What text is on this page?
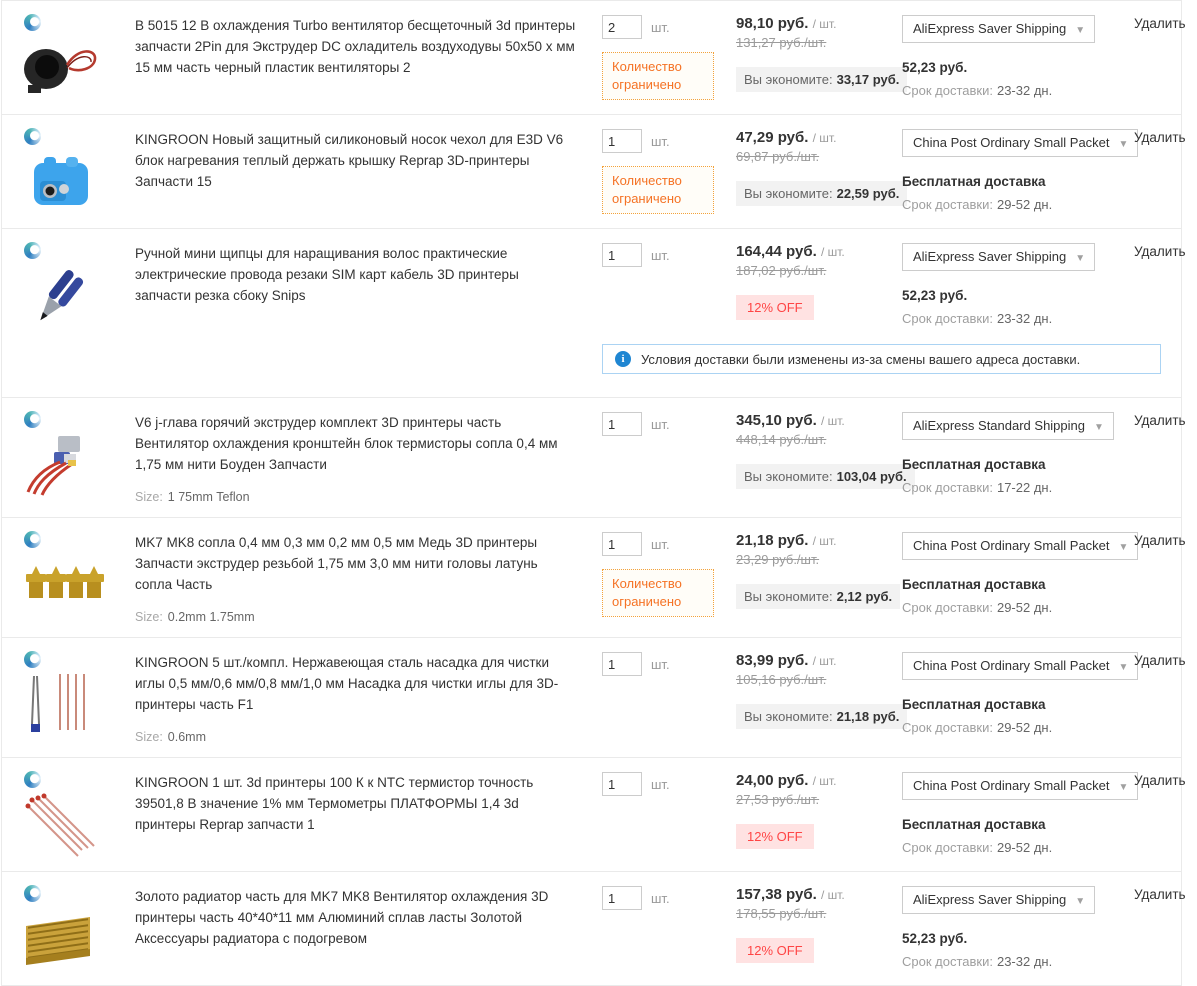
В 5015 12 В охлаждения Turbo вентилятор бесщеточный 3d принтеры запчасти 2Pin для Экструдер DC охладитель воздуходувы 50x50 x мм 15 мм часть черный пластик вентиляторы 2
2шт.
Количество ограничено
98,10 руб. / шт.
131,27 руб./шт.
Вы экономите: 33,17 руб.
AliExpress Saver Shipping ▼
52,23 руб.
Срок доставки: 23-32 дн.
Удалить
KINGROON Новый защитный силиконовый носок чехол для E3D V6 блок нагревания теплый держать крышку Reprap 3D-принтеры Запчасти 15
1шт.
Количество ограничено
47,29 руб. / шт.
69,87 руб./шт.
Вы экономите: 22,59 руб.
China Post Ordinary Small Packet ▼
Бесплатная доставка
Срок доставки: 29-52 дн.
Удалить
Ручной мини щипцы для наращивания волос практические электрические провода резаки SIM карт кабель 3D принтеры запчасти резка сбоку Snips
1шт.	164,44 руб. / шт.
187,02 руб./шт.
12% OFF
AliExpress Saver Shipping ▼
52,23 руб.
Срок доставки: 23-32 дн.
Удалить
i	Условия доставки были изменены из-за смены вашего адреса доставки.
V6 j-глава горячий экструдер комплект 3D принтеры часть Вентилятор охлаждения кронштейн блок термисторы сопла 0,4 мм 1,75 мм нити Боуден Запчасти
Size: 1 75mm Teflon
1шт.	345,10 руб. / шт.
448,14 руб./шт.
Вы экономите: 103,04 руб.
AliExpress Standard Shipping ▼
Бесплатная доставка
Срок доставки: 17-22 дн.
Удалить
MK7 MK8 сопла 0,4 мм 0,3 мм 0,2 мм 0,5 мм Медь 3D принтеры Запчасти экструдер резьбой 1,75 мм 3,0 мм нити головы латунь сопла Часть
Size: 0.2mm 1.75mm
1шт.
Количество ограничено
21,18 руб. / шт.
23,29 руб./шт.
Вы экономите: 2,12 руб.
China Post Ordinary Small Packet ▼
Бесплатная доставка
Срок доставки: 29-52 дн.
Удалить
KINGROON 5 шт./компл. Нержавеющая сталь насадка для чистки иглы 0,5 мм/0,6 мм/0,8 мм/1,0 мм Насадка для чистки иглы для 3D-принтеры часть F1
Size: 0.6mm
1шт.	83,99 руб. / шт.
105,16 руб./шт.
Вы экономите: 21,18 руб.
China Post Ordinary Small Packet ▼
Бесплатная доставка
Срок доставки: 29-52 дн.
Удалить
KINGROON 1 шт. 3d принтеры 100 К к NTC термистор точность 39501,8 В значение 1% мм Термометры ПЛАТФОРМЫ 1,4 3d принтеры Reprap запчасти 1
1шт.	24,00 руб. / шт.
27,53 руб./шт.
12% OFF
China Post Ordinary Small Packet ▼
Бесплатная доставка
Срок доставки: 29-52 дн.
Удалить
Золото радиатор часть для MK7 MK8 Вентилятор охлаждения 3D принтеры часть 40*40*11 мм Алюминий сплав ласты Золотой Аксессуары радиатора с подогревом
1шт.	157,38 руб. / шт.
178,55 руб./шт.
12% OFF
AliExpress Saver Shipping ▼
52,23 руб.
Срок доставки: 23-32 дн.
Удалить
